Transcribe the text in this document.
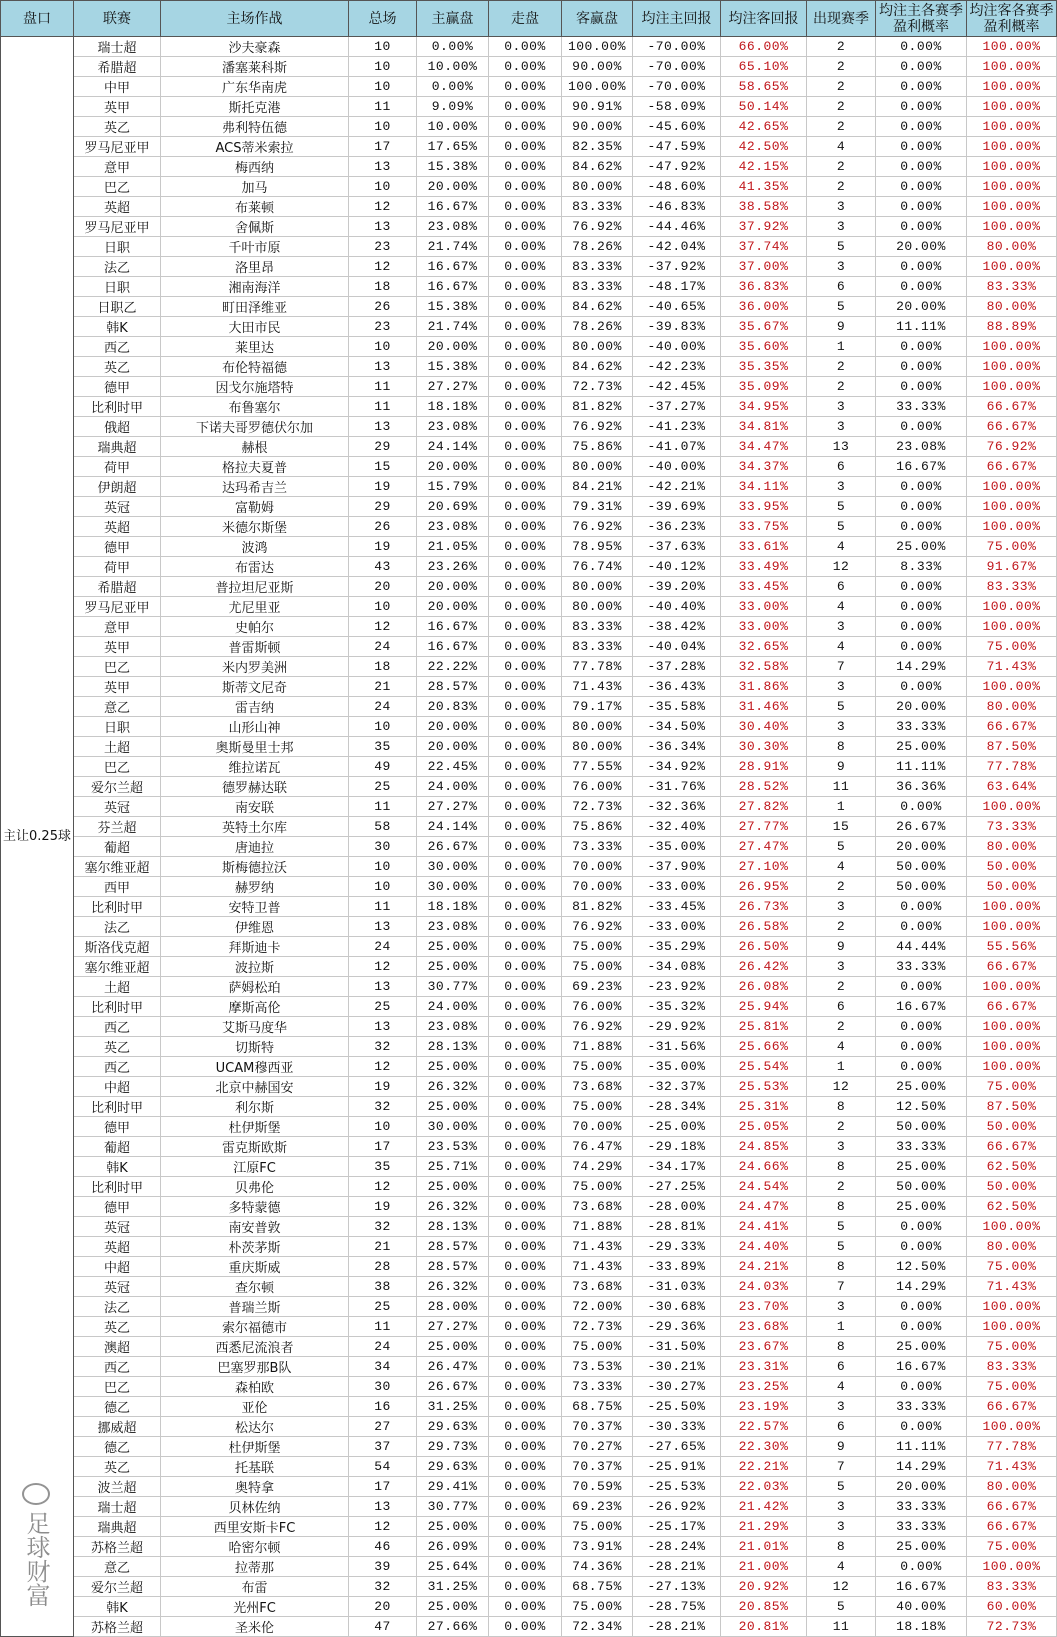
盘口	联赛	主场作战	总场	主赢盘	走盘	客赢盘	均注主回报	均注客回报	出现赛季	均注主各赛季盈利概率	均注客各赛季盈利概率
主让0.25球	瑞士超	沙夫豪森	10	0.00%	0.00%	100.00%	-70.00%	66.00%	2	0.00%	100.00%
	希腊超	潘塞莱科斯	10	10.00%	0.00%	90.00%	-70.00%	65.10%	2	0.00%	100.00%
	中甲	广东华南虎	10	0.00%	0.00%	100.00%	-70.00%	58.65%	2	0.00%	100.00%
	英甲	斯托克港	11	9.09%	0.00%	90.91%	-58.09%	50.14%	2	0.00%	100.00%
	英乙	弗利特伍德	10	10.00%	0.00%	90.00%	-45.60%	42.65%	2	0.00%	100.00%
	罗马尼亚甲	ACS蒂米索拉	17	17.65%	0.00%	82.35%	-47.59%	42.50%	4	0.00%	100.00%
	意甲	梅西纳	13	15.38%	0.00%	84.62%	-47.92%	42.15%	2	0.00%	100.00%
	巴乙	加马	10	20.00%	0.00%	80.00%	-48.60%	41.35%	2	0.00%	100.00%
	英超	布莱顿	12	16.67%	0.00%	83.33%	-46.83%	38.58%	3	0.00%	100.00%
	罗马尼亚甲	舍佩斯	13	23.08%	0.00%	76.92%	-44.46%	37.92%	3	0.00%	100.00%
	日职	千叶市原	23	21.74%	0.00%	78.26%	-42.04%	37.74%	5	20.00%	80.00%
	法乙	洛里昂	12	16.67%	0.00%	83.33%	-37.92%	37.00%	3	0.00%	100.00%
	日职	湘南海洋	18	16.67%	0.00%	83.33%	-48.17%	36.83%	6	0.00%	83.33%
	日职乙	町田泽维亚	26	15.38%	0.00%	84.62%	-40.65%	36.00%	5	20.00%	80.00%
	韩K	大田市民	23	21.74%	0.00%	78.26%	-39.83%	35.67%	9	11.11%	88.89%
	西乙	莱里达	10	20.00%	0.00%	80.00%	-40.00%	35.60%	1	0.00%	100.00%
	英乙	布伦特福德	13	15.38%	0.00%	84.62%	-42.23%	35.35%	2	0.00%	100.00%
	德甲	因戈尔施塔特	11	27.27%	0.00%	72.73%	-42.45%	35.09%	2	0.00%	100.00%
	比利时甲	布鲁塞尔	11	18.18%	0.00%	81.82%	-37.27%	34.95%	3	33.33%	66.67%
	俄超	下诺夫哥罗德伏尔加	13	23.08%	0.00%	76.92%	-41.23%	34.81%	3	0.00%	66.67%
	瑞典超	赫根	29	24.14%	0.00%	75.86%	-41.07%	34.47%	13	23.08%	76.92%
	荷甲	格拉夫夏普	15	20.00%	0.00%	80.00%	-40.00%	34.37%	6	16.67%	66.67%
	伊朗超	达玛希吉兰	19	15.79%	0.00%	84.21%	-42.21%	34.11%	3	0.00%	100.00%
	英冠	富勒姆	29	20.69%	0.00%	79.31%	-39.69%	33.95%	5	0.00%	100.00%
	英超	米德尔斯堡	26	23.08%	0.00%	76.92%	-36.23%	33.75%	5	0.00%	100.00%
	德甲	波鸿	19	21.05%	0.00%	78.95%	-37.63%	33.61%	4	25.00%	75.00%
	荷甲	布雷达	43	23.26%	0.00%	76.74%	-40.12%	33.49%	12	8.33%	91.67%
	希腊超	普拉坦尼亚斯	20	20.00%	0.00%	80.00%	-39.20%	33.45%	6	0.00%	83.33%
	罗马尼亚甲	尤尼里亚	10	20.00%	0.00%	80.00%	-40.40%	33.00%	4	0.00%	100.00%
	意甲	史帕尔	12	16.67%	0.00%	83.33%	-38.42%	33.00%	3	0.00%	100.00%
	英甲	普雷斯顿	24	16.67%	0.00%	83.33%	-40.04%	32.65%	4	0.00%	75.00%
	巴乙	米内罗美洲	18	22.22%	0.00%	77.78%	-37.28%	32.58%	7	14.29%	71.43%
	英甲	斯蒂文尼奇	21	28.57%	0.00%	71.43%	-36.43%	31.86%	3	0.00%	100.00%
	意乙	雷吉纳	24	20.83%	0.00%	79.17%	-35.58%	31.46%	5	20.00%	80.00%
	日职	山形山神	10	20.00%	0.00%	80.00%	-34.50%	30.40%	3	33.33%	66.67%
	土超	奥斯曼里士邦	35	20.00%	0.00%	80.00%	-36.34%	30.30%	8	25.00%	87.50%
	巴乙	维拉诺瓦	49	22.45%	0.00%	77.55%	-34.92%	28.91%	9	11.11%	77.78%
	爱尔兰超	德罗赫达联	25	24.00%	0.00%	76.00%	-31.76%	28.52%	11	36.36%	63.64%
	英冠	南安联	11	27.27%	0.00%	72.73%	-32.36%	27.82%	1	0.00%	100.00%
	芬兰超	英特土尔库	58	24.14%	0.00%	75.86%	-32.40%	27.77%	15	26.67%	73.33%
	葡超	唐迪拉	30	26.67%	0.00%	73.33%	-35.00%	27.47%	5	20.00%	80.00%
	塞尔维亚超	斯梅德拉沃	10	30.00%	0.00%	70.00%	-37.90%	27.10%	4	50.00%	50.00%
	西甲	赫罗纳	10	30.00%	0.00%	70.00%	-33.00%	26.95%	2	50.00%	50.00%
	比利时甲	安特卫普	11	18.18%	0.00%	81.82%	-33.45%	26.73%	3	0.00%	100.00%
	法乙	伊维恩	13	23.08%	0.00%	76.92%	-33.00%	26.58%	2	0.00%	100.00%
	斯洛伐克超	拜斯迪卡	24	25.00%	0.00%	75.00%	-35.29%	26.50%	9	44.44%	55.56%
	塞尔维亚超	波拉斯	12	25.00%	0.00%	75.00%	-34.08%	26.42%	3	33.33%	66.67%
	土超	萨姆松珀	13	30.77%	0.00%	69.23%	-23.92%	26.08%	2	0.00%	100.00%
	比利时甲	摩斯高伦	25	24.00%	0.00%	76.00%	-35.32%	25.94%	6	16.67%	66.67%
	西乙	艾斯马度华	13	23.08%	0.00%	76.92%	-29.92%	25.81%	2	0.00%	100.00%
	英乙	切斯特	32	28.13%	0.00%	71.88%	-31.56%	25.66%	4	0.00%	100.00%
	西乙	UCAM穆西亚	12	25.00%	0.00%	75.00%	-35.00%	25.54%	1	0.00%	100.00%
	中超	北京中赫国安	19	26.32%	0.00%	73.68%	-32.37%	25.53%	12	25.00%	75.00%
	比利时甲	利尔斯	32	25.00%	0.00%	75.00%	-28.34%	25.31%	8	12.50%	87.50%
	德甲	杜伊斯堡	10	30.00%	0.00%	70.00%	-25.00%	25.05%	2	50.00%	50.00%
	葡超	雷克斯欧斯	17	23.53%	0.00%	76.47%	-29.18%	24.85%	3	33.33%	66.67%
	韩K	江原FC	35	25.71%	0.00%	74.29%	-34.17%	24.66%	8	25.00%	62.50%
	比利时甲	贝弗伦	12	25.00%	0.00%	75.00%	-27.25%	24.54%	2	50.00%	50.00%
	德甲	多特蒙德	19	26.32%	0.00%	73.68%	-28.00%	24.47%	8	25.00%	62.50%
	英冠	南安普敦	32	28.13%	0.00%	71.88%	-28.81%	24.41%	5	0.00%	100.00%
	英超	朴茨茅斯	21	28.57%	0.00%	71.43%	-29.33%	24.40%	5	0.00%	80.00%
	中超	重庆斯威	28	28.57%	0.00%	71.43%	-33.89%	24.21%	8	12.50%	75.00%
	英冠	查尔顿	38	26.32%	0.00%	73.68%	-31.03%	24.03%	7	14.29%	71.43%
	法乙	普瑞兰斯	25	28.00%	0.00%	72.00%	-30.68%	23.70%	3	0.00%	100.00%
	英乙	索尔福德市	11	27.27%	0.00%	72.73%	-29.36%	23.68%	1	0.00%	100.00%
	澳超	西悉尼流浪者	24	25.00%	0.00%	75.00%	-31.50%	23.67%	8	25.00%	75.00%
	西乙	巴塞罗那B队	34	26.47%	0.00%	73.53%	-30.21%	23.31%	6	16.67%	83.33%
	巴乙	森柏欧	30	26.67%	0.00%	73.33%	-30.27%	23.25%	4	0.00%	75.00%
	德乙	亚伦	16	31.25%	0.00%	68.75%	-25.50%	23.19%	3	33.33%	66.67%
	挪威超	松达尔	27	29.63%	0.00%	70.37%	-30.33%	22.57%	6	0.00%	100.00%
	德乙	杜伊斯堡	37	29.73%	0.00%	70.27%	-27.65%	22.30%	9	11.11%	77.78%
	英乙	托基联	54	29.63%	0.00%	70.37%	-25.91%	22.21%	7	14.29%	71.43%
	波兰超	奥特拿	17	29.41%	0.00%	70.59%	-25.53%	22.03%	5	20.00%	80.00%
	瑞士超	贝林佐纳	13	30.77%	0.00%	69.23%	-26.92%	21.42%	3	33.33%	66.67%
	瑞典超	西里安斯卡FC	12	25.00%	0.00%	75.00%	-25.17%	21.29%	3	33.33%	66.67%
	苏格兰超	哈密尔顿	46	26.09%	0.00%	73.91%	-28.24%	21.01%	8	25.00%	75.00%
	意乙	拉蒂那	39	25.64%	0.00%	74.36%	-28.21%	21.00%	4	0.00%	100.00%
	爱尔兰超	布雷	32	31.25%	0.00%	68.75%	-27.13%	20.92%	12	16.67%	83.33%
	韩K	光州FC	20	25.00%	0.00%	75.00%	-28.75%	20.85%	5	40.00%	60.00%
	苏格兰超	圣米伦	47	27.66%	0.00%	72.34%	-28.21%	20.81%	11	18.18%	72.73%
足球财富
